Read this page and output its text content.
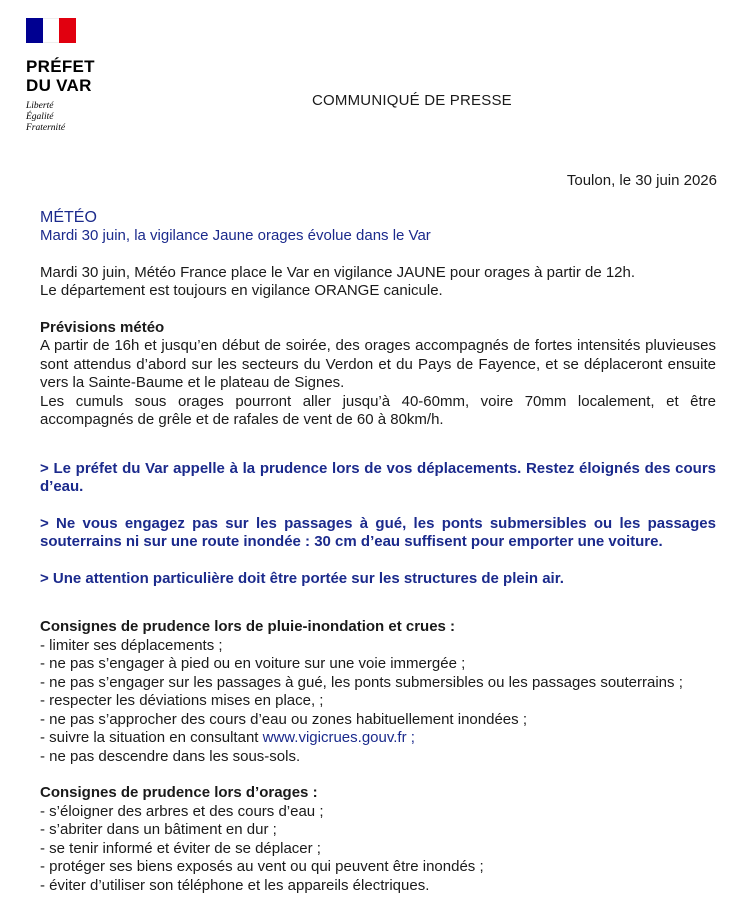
PRÉFET
DU VAR
Liberté
Égalité
Fraternité
COMMUNIQUÉ DE PRESSE
Toulon, le 30 juin 2026

MÉTÉO

Mardi 30 juin, la vigilance Jaune orages évolue dans le Var

Mardi 30 juin, Météo France place le Var en vigilance JAUNE pour orages à partir de 12h.

Le département est toujours en vigilance ORANGE canicule.

Prévisions météo

A partir de 16h et jusqu’en début de soirée, des orages accompagnés de fortes intensités pluvieuses sont attendus d’abord sur les secteurs du Verdon et du Pays de Fayence, et se déplaceront ensuite vers la Sainte-Baume et le plateau de Signes.

Les cumuls sous orages pourront aller jusqu’à 40-60mm, voire 70mm localement, et être accompagnés de grêle et de rafales de vent de 60 à 80km/h.

> Le préfet du Var appelle à la prudence lors de vos déplacements. Restez éloignés des cours d’eau.

> Ne vous engagez pas sur les passages à gué, les ponts submersibles ou les passages souterrains ni sur une route inondée : 30 cm d’eau suffisent pour emporter une voiture.

> Une attention particulière doit être portée sur les structures de plein air.

Consignes de prudence lors de pluie-inondation et crues :

- limiter ses déplacements ;
- ne pas s’engager à pied ou en voiture sur une voie immergée ;
- ne pas s’engager sur les passages à gué, les ponts submersibles ou les passages souterrains ;
- respecter les déviations mises en place, ;
- ne pas s’approcher des cours d’eau ou zones habituellement inondées ;
- suivre la situation en consultant www.vigicrues.gouv.fr ;
- ne pas descendre dans les sous-sols.

Consignes de prudence lors d’orages :

- s’éloigner des arbres et des cours d’eau ;
- s’abriter dans un bâtiment en dur ;
- se tenir informé et éviter de se déplacer ;
- protéger ses biens exposés au vent ou qui peuvent être inondés ;
- éviter d’utiliser son téléphone et les appareils électriques.
